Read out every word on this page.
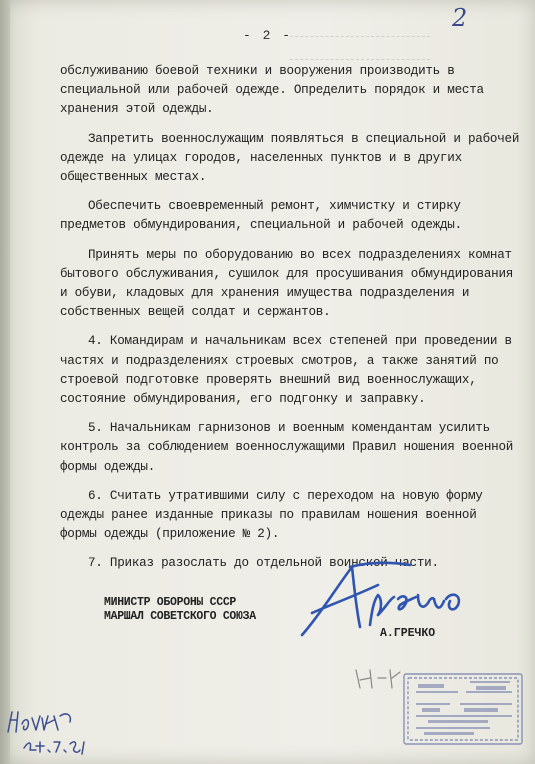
- 2 -
2

обслуживанию боевой техники и вооружения производить в специальной или рабочей одежде. Определить порядок и места хранения этой одежды.

Запретить военнослужащим появляться в специальной и рабочей одежде на улицах городов, населенных пунктов и в других общественных местах.

Обеспечить своевременный ремонт, химчистку и стирку предметов обмундирования, специальной и рабочей одежды.

Принять меры по оборудованию во всех подразделениях комнат бытового обслуживания, сушилок для просушивания обмундирования и обуви, кладовых для хранения имущества подразделения и собственных вещей солдат и сержантов.

4. Командирам и начальникам всех степеней при проведении в частях и подразделениях строевых смотров, а также занятий по строевой подготовке проверять внешний вид военнослужащих, состояние обмундирования, его подгонку и заправку.

5. Начальникам гарнизонов и военным комендантам усилить контроль за соблюдением военнослужащими Правил ношения военной формы одежды.

6. Считать утратившими силу с переходом на новую форму одежды ранее изданные приказы по правилам ношения военной формы одежды (приложение № 2).

7. Приказ разослать до отдельной воинской части.

МИНИСТР ОБОРОНЫ СССР
МАРШАЛ СОВЕТСКОГО СОЮЗА
А.ГРЕЧКО
